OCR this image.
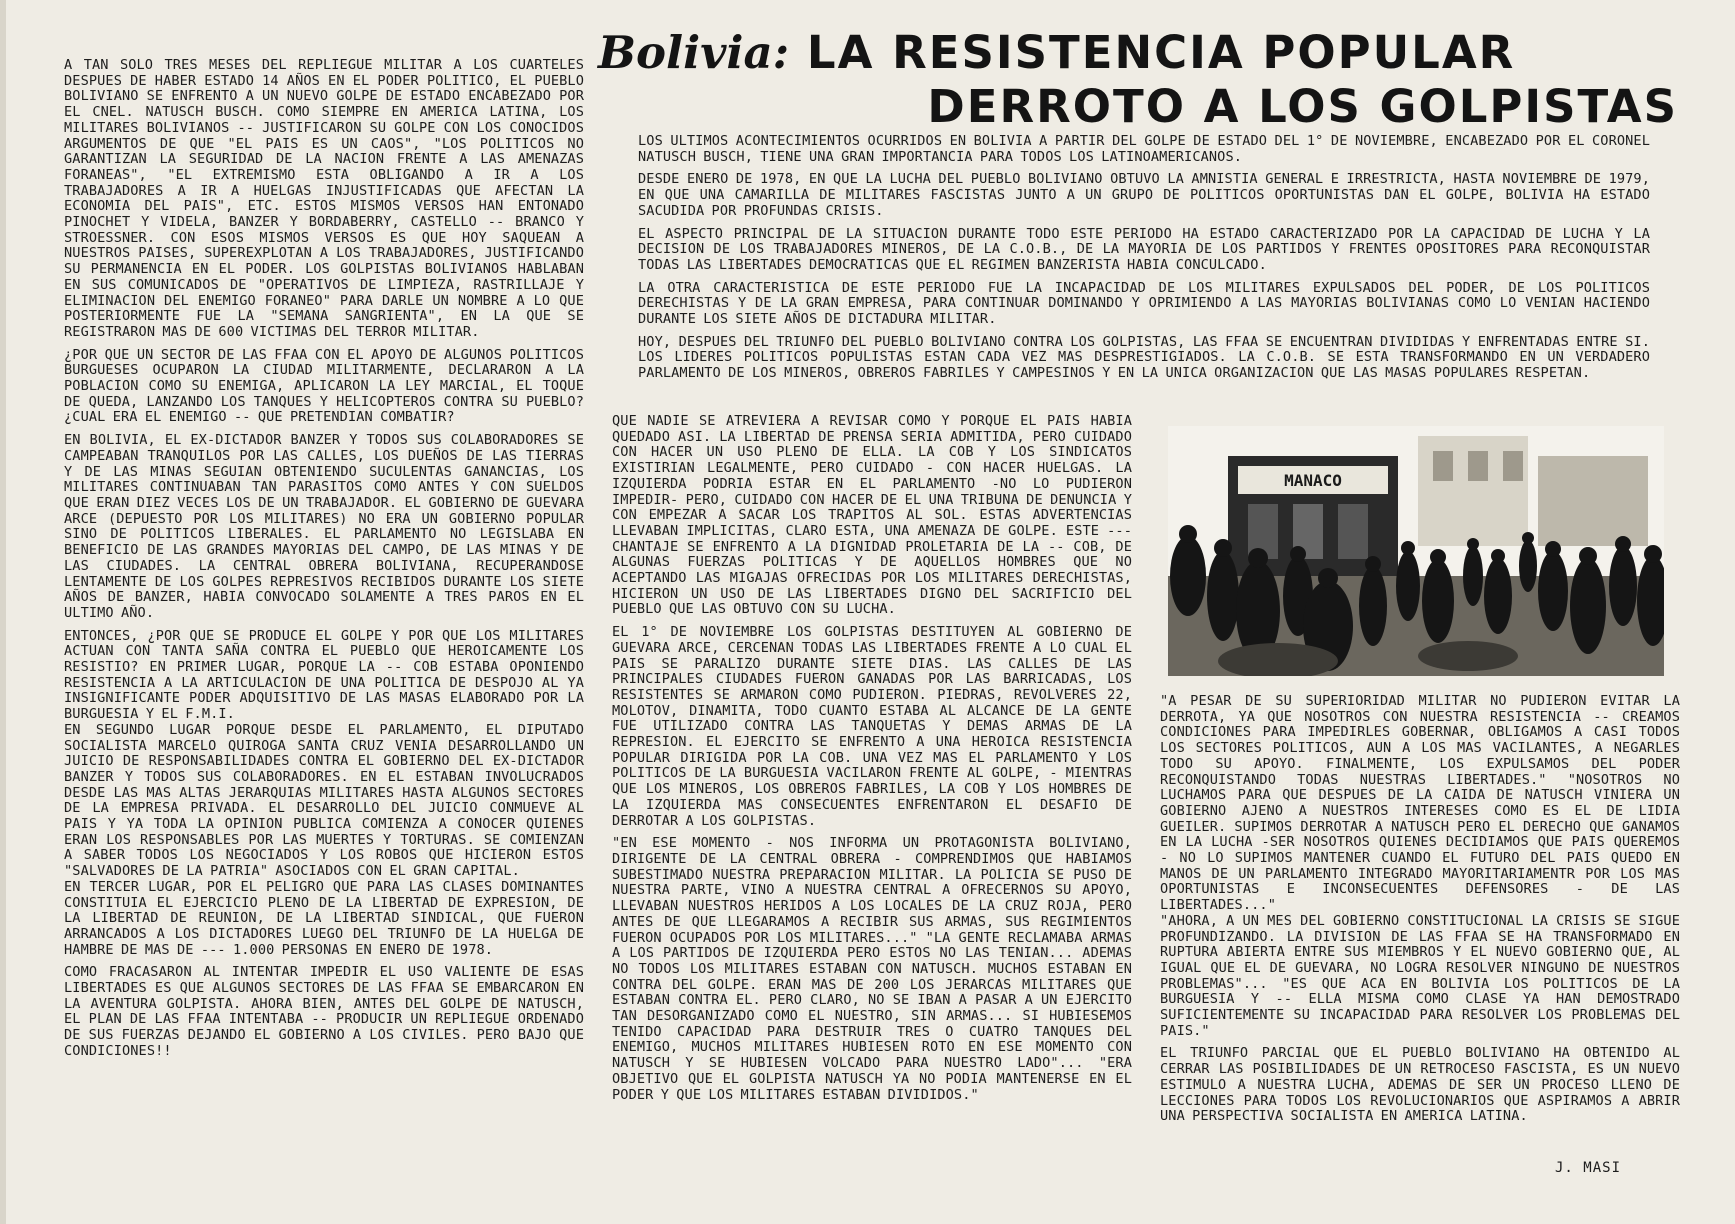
Bolivia: LA RESISTENCIA POPULAR
DERROTO A LOS GOLPISTAS

A TAN SOLO TRES MESES DEL REPLIEGUE MILITAR A LOS CUARTELES DESPUES DE HABER ESTADO 14 AÑOS EN EL PODER POLITICO, EL PUEBLO BOLIVIANO SE ENFRENTO A UN NUEVO GOLPE DE ESTADO ENCABEZADO POR EL CNEL. NATUSCH BUSCH. COMO SIEMPRE EN AMERICA LATINA, LOS MILITARES BOLIVIANOS -- JUSTIFICARON SU GOLPE CON LOS CONOCIDOS ARGUMENTOS DE QUE "EL PAIS ES UN CAOS", "LOS POLITICOS NO GARANTIZAN LA SEGURIDAD DE LA NACION FRENTE A LAS AMENAZAS FORANEAS", "EL EXTREMISMO ESTA OBLIGANDO A IR A LOS TRABAJADORES A IR A HUELGAS INJUSTIFICADAS QUE AFECTAN LA ECONOMIA DEL PAIS", ETC. ESTOS MISMOS VERSOS HAN ENTONADO PINOCHET Y VIDELA, BANZER Y BORDABERRY, CASTELLO -- BRANCO Y STROESSNER. CON ESOS MISMOS VERSOS ES QUE HOY SAQUEAN A NUESTROS PAISES, SUPEREXPLOTAN A LOS TRABAJADORES, JUSTIFICANDO SU PERMANENCIA EN EL PODER. LOS GOLPISTAS BOLIVIANOS HABLABAN EN SUS COMUNICADOS DE "OPERATIVOS DE LIMPIEZA, RASTRILLAJE Y ELIMINACION DEL ENEMIGO FORANEO" PARA DARLE UN NOMBRE A LO QUE POSTERIORMENTE FUE LA "SEMANA SANGRIENTA", EN LA QUE SE REGISTRARON MAS DE 600 VICTIMAS DEL TERROR MILITAR.

¿POR QUE UN SECTOR DE LAS FFAA CON EL APOYO DE ALGUNOS POLITICOS BURGUESES OCUPARON LA CIUDAD MILITARMENTE, DECLARARON A LA POBLACION COMO SU ENEMIGA, APLICARON LA LEY MARCIAL, EL TOQUE DE QUEDA, LANZANDO LOS TANQUES Y HELICOPTEROS CONTRA SU PUEBLO? ¿CUAL ERA EL ENEMIGO -- QUE PRETENDIAN COMBATIR?

EN BOLIVIA, EL EX-DICTADOR BANZER Y TODOS SUS COLABORADORES SE CAMPEABAN TRANQUILOS POR LAS CALLES, LOS DUEÑOS DE LAS TIERRAS Y DE LAS MINAS SEGUIAN OBTENIENDO SUCULENTAS GANANCIAS, LOS MILITARES CONTINUABAN TAN PARASITOS COMO ANTES Y CON SUELDOS QUE ERAN DIEZ VECES LOS DE UN TRABAJADOR. EL GOBIERNO DE GUEVARA ARCE (DEPUESTO POR LOS MILITARES) NO ERA UN GOBIERNO POPULAR SINO DE POLITICOS LIBERALES. EL PARLAMENTO NO LEGISLABA EN BENEFICIO DE LAS GRANDES MAYORIAS DEL CAMPO, DE LAS MINAS Y DE LAS CIUDADES. LA CENTRAL OBRERA BOLIVIANA, RECUPERANDOSE LENTAMENTE DE LOS GOLPES REPRESIVOS RECIBIDOS DURANTE LOS SIETE AÑOS DE BANZER, HABIA CONVOCADO SOLAMENTE A TRES PAROS EN EL ULTIMO AÑO.

ENTONCES, ¿POR QUE SE PRODUCE EL GOLPE Y POR QUE LOS MILITARES ACTUAN CON TANTA SAÑA CONTRA EL PUEBLO QUE HEROICAMENTE LOS RESISTIO? EN PRIMER LUGAR, PORQUE LA -- COB ESTABA OPONIENDO RESISTENCIA A LA ARTICULACION DE UNA POLITICA DE DESPOJO AL YA INSIGNIFICANTE PODER ADQUISITIVO DE LAS MASAS ELABORADO POR LA BURGUESIA Y EL F.M.I.

EN SEGUNDO LUGAR PORQUE DESDE EL PARLAMENTO, EL DIPUTADO SOCIALISTA MARCELO QUIROGA SANTA CRUZ VENIA DESARROLLANDO UN JUICIO DE RESPONSABILIDADES CONTRA EL GOBIERNO DEL EX-DICTADOR BANZER Y TODOS SUS COLABORADORES. EN EL ESTABAN INVOLUCRADOS DESDE LAS MAS ALTAS JERARQUIAS MILITARES HASTA ALGUNOS SECTORES DE LA EMPRESA PRIVADA. EL DESARROLLO DEL JUICIO CONMUEVE AL PAIS Y YA TODA LA OPINION PUBLICA COMIENZA A CONOCER QUIENES ERAN LOS RESPONSABLES POR LAS MUERTES Y TORTURAS. SE COMIENZAN A SABER TODOS LOS NEGOCIADOS Y LOS ROBOS QUE HICIERON ESTOS "SALVADORES DE LA PATRIA" ASOCIADOS CON EL GRAN CAPITAL.

EN TERCER LUGAR, POR EL PELIGRO QUE PARA LAS CLASES DOMINANTES CONSTITUIA EL EJERCICIO PLENO DE LA LIBERTAD DE EXPRESION, DE LA LIBERTAD DE REUNION, DE LA LIBERTAD SINDICAL, QUE FUERON ARRANCADOS A LOS DICTADORES LUEGO DEL TRIUNFO DE LA HUELGA DE HAMBRE DE MAS DE --- 1.000 PERSONAS EN ENERO DE 1978.

COMO FRACASARON AL INTENTAR IMPEDIR EL USO VALIENTE DE ESAS LIBERTADES ES QUE ALGUNOS SECTORES DE LAS FFAA SE EMBARCARON EN LA AVENTURA GOLPISTA. AHORA BIEN, ANTES DEL GOLPE DE NATUSCH, EL PLAN DE LAS FFAA INTENTABA -- PRODUCIR UN REPLIEGUE ORDENADO DE SUS FUERZAS DEJANDO EL GOBIERNO A LOS CIVILES. PERO BAJO QUE CONDICIONES!!

LOS ULTIMOS ACONTECIMIENTOS OCURRIDOS EN BOLIVIA A PARTIR DEL GOLPE DE ESTADO DEL 1° DE NOVIEMBRE, ENCABEZADO POR EL CORONEL NATUSCH BUSCH, TIENE UNA GRAN IMPORTANCIA PARA TODOS LOS LATINOAMERICANOS.

DESDE ENERO DE 1978, EN QUE LA LUCHA DEL PUEBLO BOLIVIANO OBTUVO LA AMNISTIA GENERAL E IRRESTRICTA, HASTA NOVIEMBRE DE 1979, EN QUE UNA CAMARILLA DE MILITARES FASCISTAS JUNTO A UN GRUPO DE POLITICOS OPORTUNISTAS DAN EL GOLPE, BOLIVIA HA ESTADO SACUDIDA POR PROFUNDAS CRISIS.

EL ASPECTO PRINCIPAL DE LA SITUACION DURANTE TODO ESTE PERIODO HA ESTADO CARACTERIZADO POR LA CAPACIDAD DE LUCHA Y LA DECISION DE LOS TRABAJADORES MINEROS, DE LA C.O.B., DE LA MAYORIA DE LOS PARTIDOS Y FRENTES OPOSITORES PARA RECONQUISTAR TODAS LAS LIBERTADES DEMOCRATICAS QUE EL REGIMEN BANZERISTA HABIA CONCULCADO.

LA OTRA CARACTERISTICA DE ESTE PERIODO FUE LA INCAPACIDAD DE LOS MILITARES EXPULSADOS DEL PODER, DE LOS POLITICOS DERECHISTAS Y DE LA GRAN EMPRESA, PARA CONTINUAR DOMINANDO Y OPRIMIENDO A LAS MAYORIAS BOLIVIANAS COMO LO VENIAN HACIENDO DURANTE LOS SIETE AÑOS DE DICTADURA MILITAR.

HOY, DESPUES DEL TRIUNFO DEL PUEBLO BOLIVIANO CONTRA LOS GOLPISTAS, LAS FFAA SE ENCUENTRAN DIVIDIDAS Y ENFRENTADAS ENTRE SI. LOS LIDERES POLITICOS POPULISTAS ESTAN CADA VEZ MAS DESPRESTIGIADOS. LA C.O.B. SE ESTA TRANSFORMANDO EN UN VERDADERO PARLAMENTO DE LOS MINEROS, OBREROS FABRILES Y CAMPESINOS Y EN LA UNICA ORGANIZACION QUE LAS MASAS POPULARES RESPETAN.

QUE NADIE SE ATREVIERA A REVISAR COMO Y PORQUE EL PAIS HABIA QUEDADO ASI. LA LIBERTAD DE PRENSA SERIA ADMITIDA, PERO CUIDADO CON HACER UN USO PLENO DE ELLA. LA COB Y LOS SINDICATOS EXISTIRIAN LEGALMENTE, PERO CUIDADO - CON HACER HUELGAS. LA IZQUIERDA PODRIA ESTAR EN EL PARLAMENTO -NO LO PUDIERON IMPEDIR- PERO, CUIDADO CON HACER DE EL UNA TRIBUNA DE DENUNCIA Y CON EMPEZAR A SACAR LOS TRAPITOS AL SOL. ESTAS ADVERTENCIAS LLEVABAN IMPLICITAS, CLARO ESTA, UNA AMENAZA DE GOLPE. ESTE --- CHANTAJE SE ENFRENTO A LA DIGNIDAD PROLETARIA DE LA -- COB, DE ALGUNAS FUERZAS POLITICAS Y DE AQUELLOS HOMBRES QUE NO ACEPTANDO LAS MIGAJAS OFRECIDAS POR LOS MILITARES DERECHISTAS, HICIERON UN USO DE LAS LIBERTADES DIGNO DEL SACRIFICIO DEL PUEBLO QUE LAS OBTUVO CON SU LUCHA.

EL 1° DE NOVIEMBRE LOS GOLPISTAS DESTITUYEN AL GOBIERNO DE GUEVARA ARCE, CERCENAN TODAS LAS LIBERTADES FRENTE A LO CUAL EL PAIS SE PARALIZO DURANTE SIETE DIAS. LAS CALLES DE LAS PRINCIPALES CIUDADES FUERON GANADAS POR LAS BARRICADAS, LOS RESISTENTES SE ARMARON COMO PUDIERON. PIEDRAS, REVOLVERES 22, MOLOTOV, DINAMITA, TODO CUANTO ESTABA AL ALCANCE DE LA GENTE FUE UTILIZADO CONTRA LAS TANQUETAS Y DEMAS ARMAS DE LA REPRESION. EL EJERCITO SE ENFRENTO A UNA HEROICA RESISTENCIA POPULAR DIRIGIDA POR LA COB. UNA VEZ MAS EL PARLAMENTO Y LOS POLITICOS DE LA BURGUESIA VACILARON FRENTE AL GOLPE, - MIENTRAS QUE LOS MINEROS, LOS OBREROS FABRILES, LA COB Y LOS HOMBRES DE LA IZQUIERDA MAS CONSECUENTES ENFRENTARON EL DESAFIO DE DERROTAR A LOS GOLPISTAS.

"EN ESE MOMENTO - NOS INFORMA UN PROTAGONISTA BOLIVIANO, DIRIGENTE DE LA CENTRAL OBRERA - COMPRENDIMOS QUE HABIAMOS SUBESTIMADO NUESTRA PREPARACION MILITAR. LA POLICIA SE PUSO DE NUESTRA PARTE, VINO A NUESTRA CENTRAL A OFRECERNOS SU APOYO, LLEVABAN NUESTROS HERIDOS A LOS LOCALES DE LA CRUZ ROJA, PERO ANTES DE QUE LLEGARAMOS A RECIBIR SUS ARMAS, SUS REGIMIENTOS FUERON OCUPADOS POR LOS MILITARES..." "LA GENTE RECLAMABA ARMAS A LOS PARTIDOS DE IZQUIERDA PERO ESTOS NO LAS TENIAN... ADEMAS NO TODOS LOS MILITARES ESTABAN CON NATUSCH. MUCHOS ESTABAN EN CONTRA DEL GOLPE. ERAN MAS DE 200 LOS JERARCAS MILITARES QUE ESTABAN CONTRA EL. PERO CLARO, NO SE IBAN A PASAR A UN EJERCITO TAN DESORGANIZADO COMO EL NUESTRO, SIN ARMAS... SI HUBIESEMOS TENIDO CAPACIDAD PARA DESTRUIR TRES O CUATRO TANQUES DEL ENEMIGO, MUCHOS MILITARES HUBIESEN ROTO EN ESE MOMENTO CON NATUSCH Y SE HUBIESEN VOLCADO PARA NUESTRO LADO"... "ERA OBJETIVO QUE EL GOLPISTA NATUSCH YA NO PODIA MANTENERSE EN EL PODER Y QUE LOS MILITARES ESTABAN DIVIDIDOS."

MANACO

"A PESAR DE SU SUPERIORIDAD MILITAR NO PUDIERON EVITAR LA DERROTA, YA QUE NOSOTROS CON NUESTRA RESISTENCIA -- CREAMOS CONDICIONES PARA IMPEDIRLES GOBERNAR, OBLIGAMOS A CASI TODOS LOS SECTORES POLITICOS, AUN A LOS MAS VACILANTES, A NEGARLES TODO SU APOYO. FINALMENTE, LOS EXPULSAMOS DEL PODER RECONQUISTANDO TODAS NUESTRAS LIBERTADES." "NOSOTROS NO LUCHAMOS PARA QUE DESPUES DE LA CAIDA DE NATUSCH VINIERA UN GOBIERNO AJENO A NUESTROS INTERESES COMO ES EL DE LIDIA GUEILER. SUPIMOS DERROTAR A NATUSCH PERO EL DERECHO QUE GANAMOS EN LA LUCHA -SER NOSOTROS QUIENES DECIDIAMOS QUE PAIS QUEREMOS - NO LO SUPIMOS MANTENER CUANDO EL FUTURO DEL PAIS QUEDO EN MANOS DE UN PARLAMENTO INTEGRADO MAYORITARIAMENTR POR LOS MAS OPORTUNISTAS E INCONSECUENTES DEFENSORES - DE LAS LIBERTADES..."

"AHORA, A UN MES DEL GOBIERNO CONSTITUCIONAL LA CRISIS SE SIGUE PROFUNDIZANDO. LA DIVISION DE LAS FFAA SE HA TRANSFORMADO EN RUPTURA ABIERTA ENTRE SUS MIEMBROS Y EL NUEVO GOBIERNO QUE, AL IGUAL QUE EL DE GUEVARA, NO LOGRA RESOLVER NINGUNO DE NUESTROS PROBLEMAS"... "ES QUE ACA EN BOLIVIA LOS POLITICOS DE LA BURGUESIA Y -- ELLA MISMA COMO CLASE YA HAN DEMOSTRADO SUFICIENTEMENTE SU INCAPACIDAD PARA RESOLVER LOS PROBLEMAS DEL PAIS."

EL TRIUNFO PARCIAL QUE EL PUEBLO BOLIVIANO HA OBTENIDO AL CERRAR LAS POSIBILIDADES DE UN RETROCESO FASCISTA, ES UN NUEVO ESTIMULO A NUESTRA LUCHA, ADEMAS DE SER UN PROCESO LLENO DE LECCIONES PARA TODOS LOS REVOLUCIONARIOS QUE ASPIRAMOS A ABRIR UNA PERSPECTIVA SOCIALISTA EN AMERICA LATINA.

J. MASI
